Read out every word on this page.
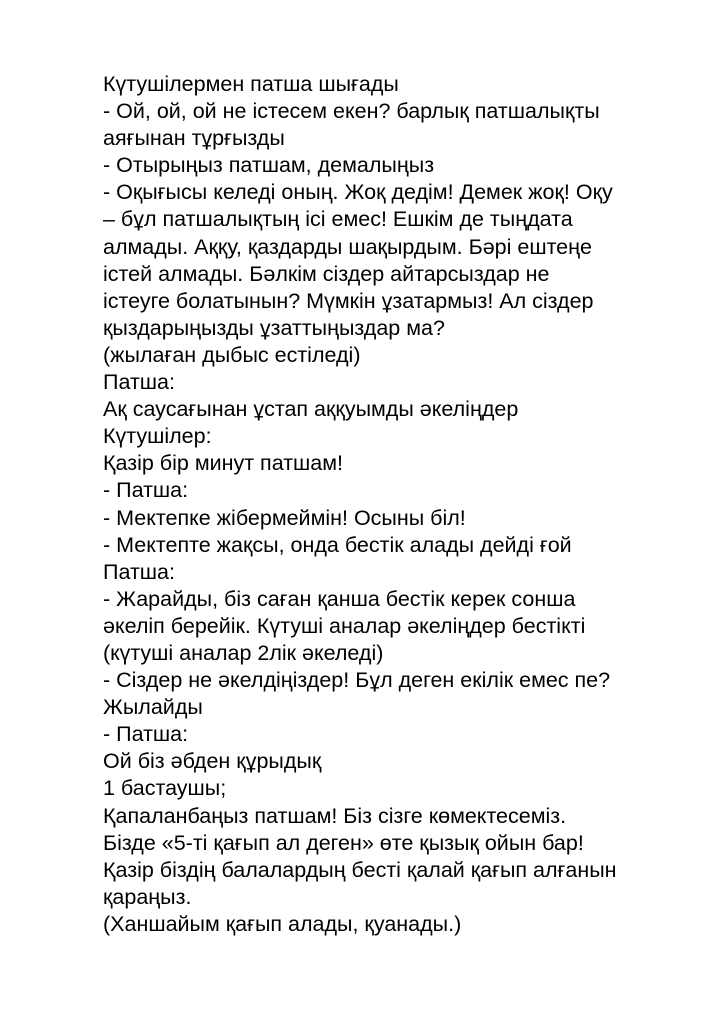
Күтушілермен патша шығады
- Ой, ой, ой не істесем екен? барлық патшалықты
аяғынан тұрғызды
- Отырыңыз патшам, демалыңыз
- Оқығысы келеді оның. Жоқ дедім! Демек жоқ! Оқу
– бұл патшалықтың ісі емес! Ешкім де тыңдата
алмады. Аққу, қаздарды шақырдым. Бәрі ештеңе
істей алмады. Бәлкім сіздер айтарсыздар не
істеуге болатынын? Мүмкін ұзатармыз! Ал сіздер
қыздарыңызды ұзаттыңыздар ма?
(жылаған дыбыс естіледі)
Патша:
Ақ саусағынан ұстап аққуымды әкеліңдер
Күтушілер:
Қазір бір минут патшам!
- Патша:
- Мектепке жібермеймін! Осыны біл!
- Мектепте жақсы, онда бестік алады дейді ғой
Патша:
- Жарайды, біз саған қанша бестік керек сонша
әкеліп берейік. Күтуші аналар әкеліңдер бестікті
(күтуші аналар 2лік әкеледі)
- Сіздер не әкелдіңіздер! Бұл деген екілік емес пе?
Жылайды
- Патша:
Ой біз әбден құрыдық
1 бастаушы;
Қапаланбаңыз патшам! Біз сізге көмектесеміз.
Бізде «5-ті қағып ал деген» өте қызық ойын бар!
Қазір біздің балалардың бесті қалай қағып алғанын
қараңыз.
(Ханшайым қағып алады, қуанады.)
